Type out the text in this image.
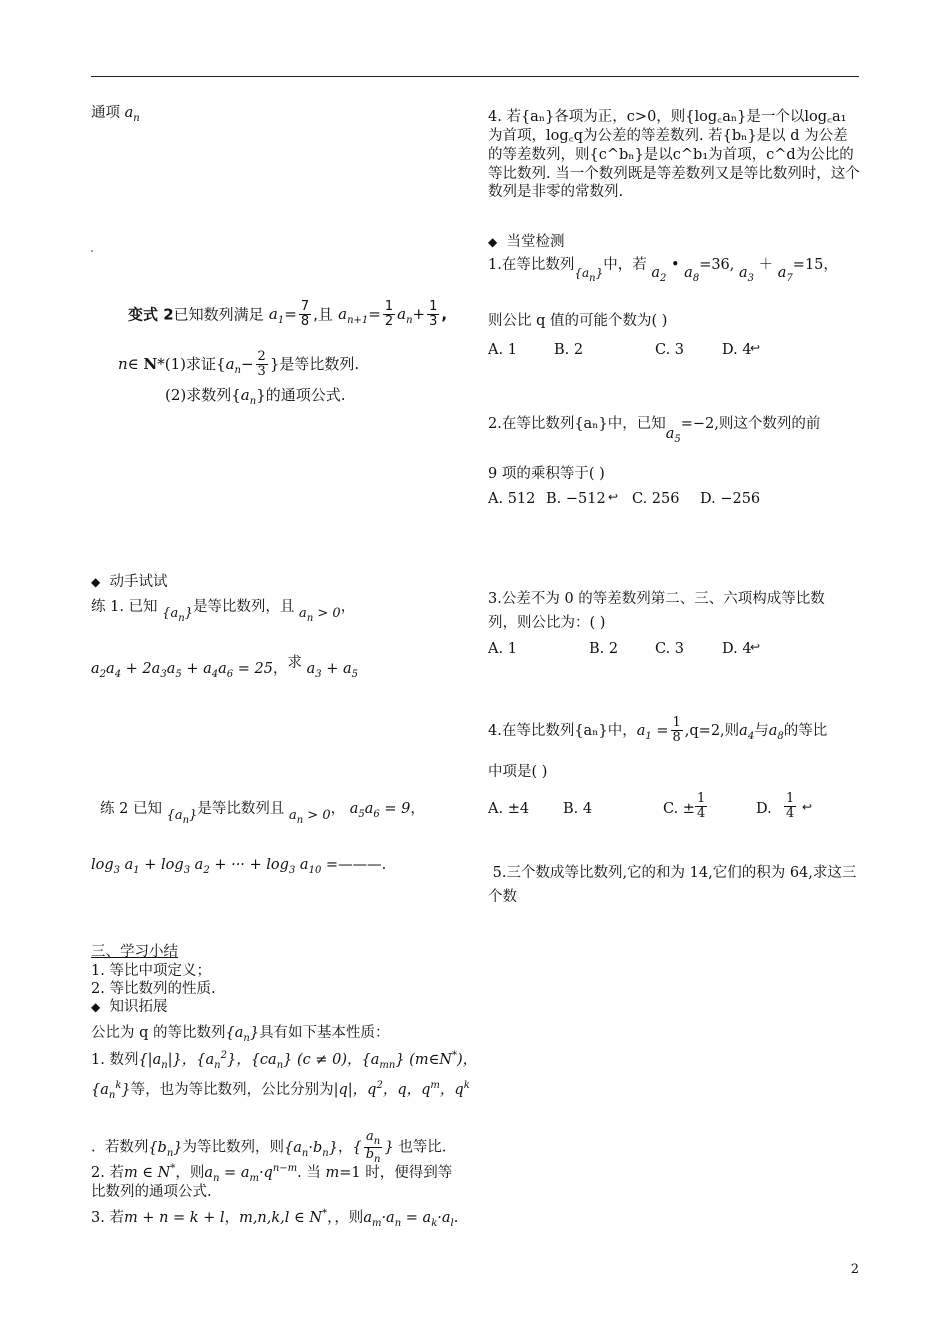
通项 $a_n$
变式 2已知数列满足 $a_1= \frac{7}{8}$ ,且 $a_{n+1}= \frac{1}{2} a_n+ \frac{1}{3}$ ,
n∈ N*(1)求证{$a_n- \frac{2}{3}$ }是等比数列.
(2)求数列$\{a_n\}$的通项公式.
◆ 动手试试
练 1. 已知 $\{a_n\}$是等比数列，且 $a_n > 0$，
$a_2a_4 + 2a_3a_5 + a_4a_6 = 25$，求 $a_3 + a_5$
练 2 已知 $\{a_n\}$是等比数列且 $a_n > 0$， $a_5a_6 = 9$，
$\log_3 a_1 + \log_3 a_2$ + ··· + $\log_3 a_{10}$ =———.
三、学习小结
1. 等比中项定义；
2. 等比数列的性质.
◆ 知识拓展
公比为 q 的等比数列$\{a_n\}$具有如下基本性质：
1. 数列$\{|a_n|\}$，$\{a_n^2\}$，$\{ca_n\} (c \ne 0)$，$\{a_{mn}\}$ (m∈N*)，
$\{a_n^k\}$等，也为等比数列，公比分别为|q|，$q^2$，q，$q^m$，$q^k$
.  若数列$\{b_n\}$为等比数列，则$\{a_n\cdot b_n\}$，{ $\frac{a_n}{b_n}$ } 也等比.
2. 若m ∈ N*，则$a_n = a_m\cdot q^{n-m}$. 当 m=1 时，便得到等
比数列的通项公式.
3. 若m + n = k + l，m,n,k,l ∈ N*，，则$a_m\cdot a_n = a_k\cdot a_l$.
4. 若{aₙ}各项为正，c>0，则{log꜀aₙ}是一个以log꜀a₁为首项，log꜀q为公差的等差数列. 若{bₙ}是以 d 为公差的等差数列，则{c^bₙ}是以c^b₁为首项，c^d为公比的等比数列. 当一个数列既是等差数列又是等比数列时，这个数列是非零的常数列.
◆ 当堂检测
1.在等比数列$_{\{a_n\}}$中，若 $a_2$ • $a_8=36$, $a_3 + a_7=15$，
则公比 q 值的可能个数为( )
A. 1	B. 2	C. 3	D. 4
↩
2.在等比数列{aₙ}中，已知$a_5=-2$,则这个数列的前
9 项的乘积等于( )
A. 512 B. −512 ↩ C. 256 D. −256
3.公差不为 0 的等差数列第二、三、六项构成等比数
列，则公比为：( )
A. 1	B. 2	C. 3	D. 4
↩
4.在等比数列{aₙ}中，$a_1 = \frac{1}{8} ,q=2$,则$a_4$与$a_8$的等比
中项是( )
A. ±4 B. 4	C. ± $\frac{1}{4}$	D. $\frac{1}{4}$ ↩
5.三个数成等比数列,它的和为 14,它们的积为 64,求这三个数
2
